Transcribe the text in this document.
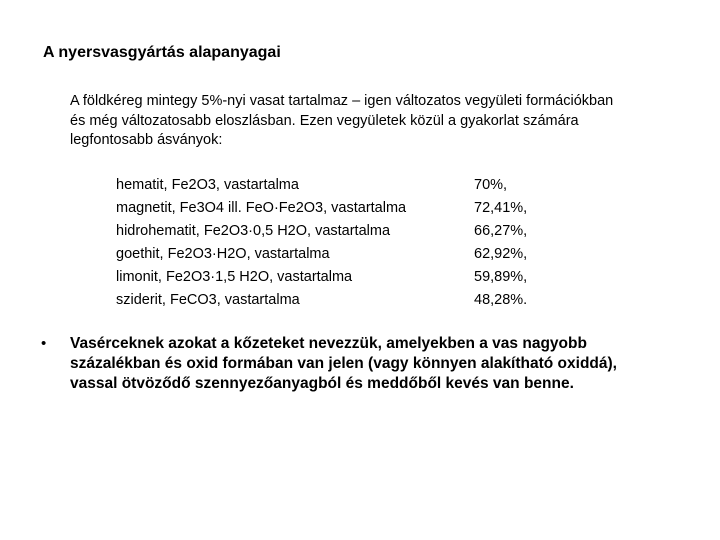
A nyersvasgyártás alapanyagai
A földkéreg mintegy 5%-nyi vasat tartalmaz – igen változatos vegyületi formációkban
és még változatosabb eloszlásban. Ezen vegyületek közül a gyakorlat számára
legfontosabb ásványok:
hematit, Fe2O3, vastartalma	70%,
magnetit, Fe3O4 ill. FeO·Fe2O3, vastartalma	72,41%,
hidrohematit, Fe2O3·0,5 H2O, vastartalma	66,27%,
goethit, Fe2O3·H2O, vastartalma	62,92%,
limonit, Fe2O3·1,5 H2O, vastartalma	59,89%,
sziderit, FeCO3, vastartalma	48,28%.
• Vasérceknek azokat a kőzeteket nevezzük, amelyekben a vas nagyobb
százalékban és oxid formában van jelen (vagy könnyen alakítható oxiddá),
vassal ötvöződő szennyezőanyagból és meddőből kevés van benne.
